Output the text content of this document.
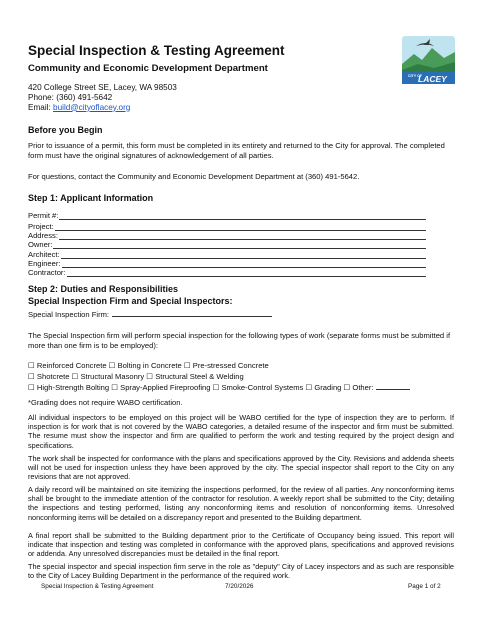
Special Inspection & Testing Agreement
Community and Economic Development Department
420 College Street SE, Lacey, WA 98503
Phone: (360) 491-5642
Email: build@cityoflacey.org
CITY OF
LACEY
Before you Begin
Prior to issuance of a permit, this form must be completed in its entirety and returned to the City for approval. The completed form must have the original signatures of acknowledgement of all parties.
For questions, contact the Community and Economic Development Department at (360) 491-5642.
Step 1: Applicant Information
Permit #:
Project:
Address:
Owner:
Architect:
Engineer:
Contractor:
Step 2: Duties and Responsibilities
Special Inspection Firm and Special Inspectors:
Special Inspection Firm:
The Special Inspection firm will perform special inspection for the following types of work (separate forms must be submitted if more than one firm is to be employed):
☐ Reinforced Concrete ☐ Bolting in Concrete ☐ Pre-stressed Concrete
☐ Shotcrete ☐ Structural Masonry ☐ Structural Steel & Welding
☐ High-Strength Bolting ☐ Spray-Applied Fireproofing ☐ Smoke-Control Systems ☐ Grading ☐ Other:
*Grading does not require WABO certification.
All individual inspectors to be employed on this project will be WABO certified for the type of inspection they are to perform. If inspection is for work that is not covered by the WABO categories, a detailed resume of the inspector and firm must be submitted. The resume must show the inspector and firm are qualified to perform the work and testing required by the project design and specifications.
The work shall be inspected for conformance with the plans and specifications approved by the City. Revisions and addenda sheets will not be used for inspection unless they have been approved by the city. The special inspector shall report to the City on any revisions that are not approved.
A daily record will be maintained on site itemizing the inspections performed, for the review of all parties. Any nonconforming items shall be brought to the immediate attention of the contractor for resolution. A weekly report shall be submitted to the City; detailing the inspections and testing performed, listing any nonconforming items and resolution of nonconforming items. Unresolved nonconforming items will be detailed on a discrepancy report and presented to the Building department.
A final report shall be submitted to the Building department prior to the Certificate of Occupancy being issued. This report will indicate that inspection and testing was completed in conformance with the approved plans, specifications and approved revisions or addenda. Any unresolved discrepancies must be detailed in the final report.
The special inspector and special inspection firm serve in the role as "deputy" City of Lacey inspectors and as such are responsible to the City of Lacey Building Department in the performance of the required work.
Special Inspection & Testing Agreement	7/20/2026	Page 1 of 2
